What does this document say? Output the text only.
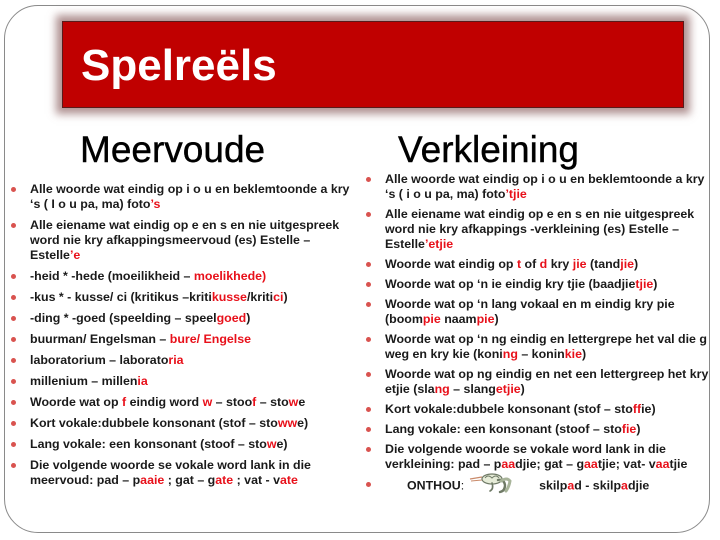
Spelreëls
Meervoude	Verkleining
Alle woorde wat eindig op i o u en beklemtoonde a kry ‘s ( I o u pa, ma) foto’s
Alle eiename wat eindig op e en s en nie uitgespreek word nie kry afkappingsmeervoud (es) Estelle – Estelle’e
-heid * -hede (moeilikheid – moelikhede)
-kus * - kusse/ ci (kritikus –kritikusse/kritici)
-ding * -goed (speelding – speelgoed)
buurman/ Engelsman – bure/ Engelse
laboratorium – laboratoria
millenium – millenia
Woorde wat op f eindig word w – stoof – stowe
Kort vokale:dubbele konsonant (stof – stowwe)
Lang vokale: een konsonant (stoof – stowe)
Die volgende woorde se vokale word lank in die meervoud: pad – paaie ; gat – gate ; vat - vate
Alle woorde wat eindig op i o u en beklemtoonde a kry ‘s ( i o u pa, ma) foto’tjie
Alle eiename wat eindig op e en s en nie uitgespreek word nie kry afkappings -verkleining (es) Estelle – Estelle’etjie
Woorde wat eindig op t of d kry jie (tandjie)
Woorde wat op ‘n ie eindig kry tjie (baadjietjie)
Woorde wat op ‘n lang vokaal en m eindig kry pie (boompie naampie)
Woorde wat op ‘n ng eindig en lettergrepe het val die g weg en kry kie (koning – koninkie)
Woorde wat op ng eindig en net een lettergreep het kry etjie (slang – slangetjie)
Kort vokale:dubbele konsonant (stof – stoffie)
Lang vokale: een konsonant (stoof – stofie)
Die volgende woorde se vokale word lank in die verkleining: pad – paadjie; gat – gaatjie; vat- vaatjie
ONTHOU:	skilpad - skilpadjie
